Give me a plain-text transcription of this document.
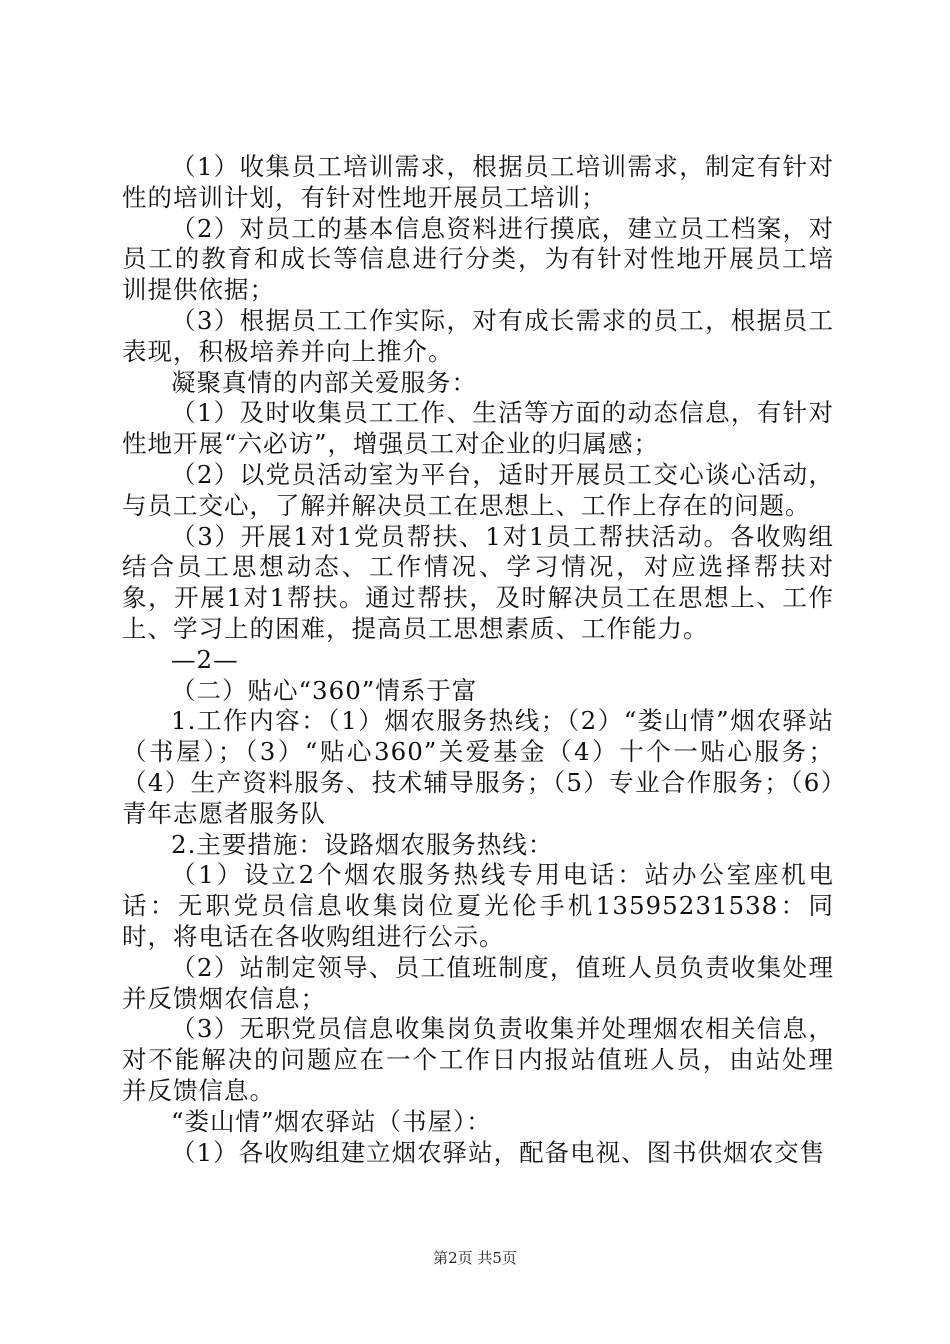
（1）收集员工培训需求，根据员工培训需求，制定有针对性的培训计划，有针对性地开展员工培训；

（2）对员工的基本信息资料进行摸底，建立员工档案，对员工的教育和成长等信息进行分类，为有针对性地开展员工培训提供依据；

（3）根据员工工作实际，对有成长需求的员工，根据员工表现，积极培养并向上推介。

凝聚真情的内部关爱服务：

（1）及时收集员工工作、生活等方面的动态信息，有针对性地开展“六必访”，增强员工对企业的归属感；

（2）以党员活动室为平台，适时开展员工交心谈心活动，与员工交心，了解并解决员工在思想上、工作上存在的问题。

（3）开展1对1党员帮扶、1对1员工帮扶活动。各收购组结合员工思想动态、工作情况、学习情况，对应选择帮扶对象，开展1对1帮扶。通过帮扶，及时解决员工在思想上、工作上、学习上的困难，提高员工思想素质、工作能力。

—2—

（二）贴心“360”情系于富

1.工作内容：（1）烟农服务热线；（2）“娄山情”烟农驿站（书屋）；（3）“贴心360”关爱基金（4）十个一贴心服务；（4）生产资料服务、技术辅导服务；（5）专业合作服务；（6）青年志愿者服务队

2.主要措施：设路烟农服务热线：

（1）设立2个烟农服务热线专用电话：站办公室座机电话：无职党员信息收集岗位夏光伦手机13595231538：同时，将电话在各收购组进行公示。

（2）站制定领导、员工值班制度，值班人员负责收集处理并反馈烟农信息；

（3）无职党员信息收集岗负责收集并处理烟农相关信息，对不能解决的问题应在一个工作日内报站值班人员，由站处理并反馈信息。

“娄山情”烟农驿站（书屋）：

（1）各收购组建立烟农驿站，配备电视、图书供烟农交售

第2页 共5页
